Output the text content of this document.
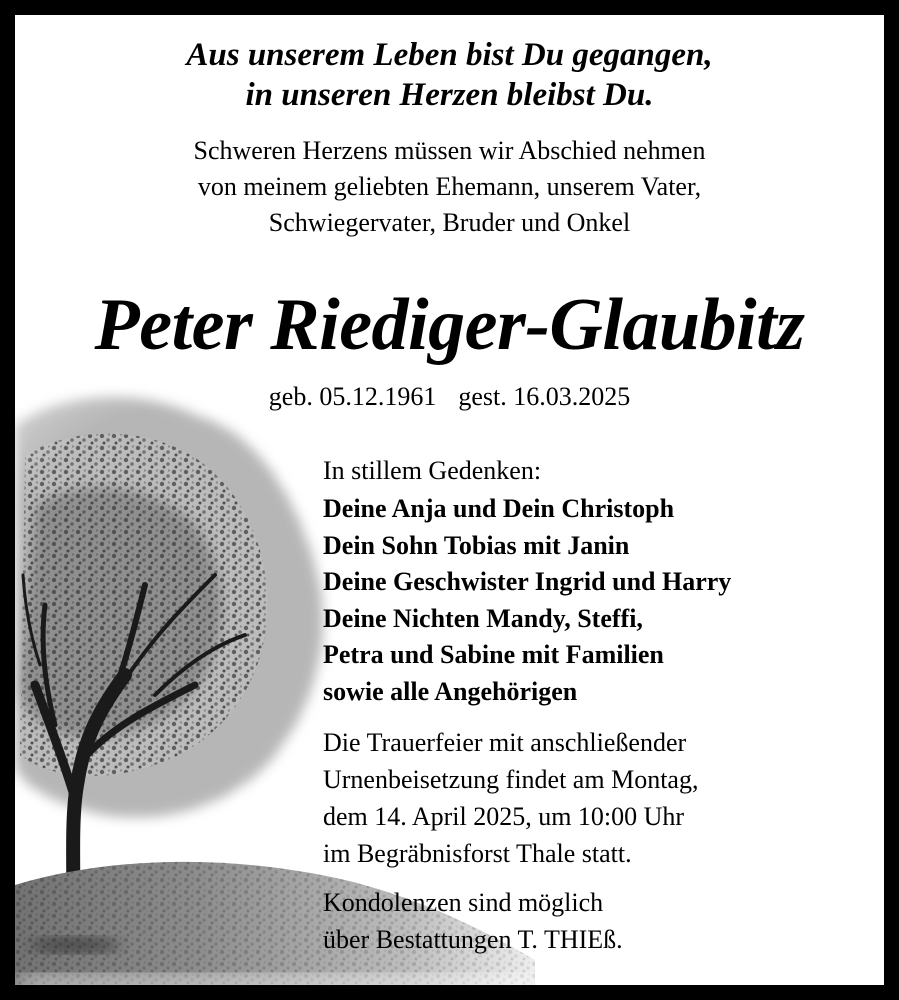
Aus unserem Leben bist Du gegangen,
in unseren Herzen bleibst Du.
Schweren Herzens müssen wir Abschied nehmen
von meinem geliebten Ehemann, unserem Vater,
Schwiegervater, Bruder und Onkel
Peter Riediger-Glaubitz
geb. 05.12.1961 gest. 16.03.2025
In stillem Gedenken:
Deine Anja und Dein Christoph
Dein Sohn Tobias mit Janin
Deine Geschwister Ingrid und Harry
Deine Nichten Mandy, Steffi,
Petra und Sabine mit Familien
sowie alle Angehörigen
Die Trauerfeier mit anschließender
Urnenbeisetzung findet am Montag,
dem 14. April 2025, um 10:00 Uhr
im Begräbnisforst Thale statt.
Kondolenzen sind möglich
über Bestattungen T. THIEß.
